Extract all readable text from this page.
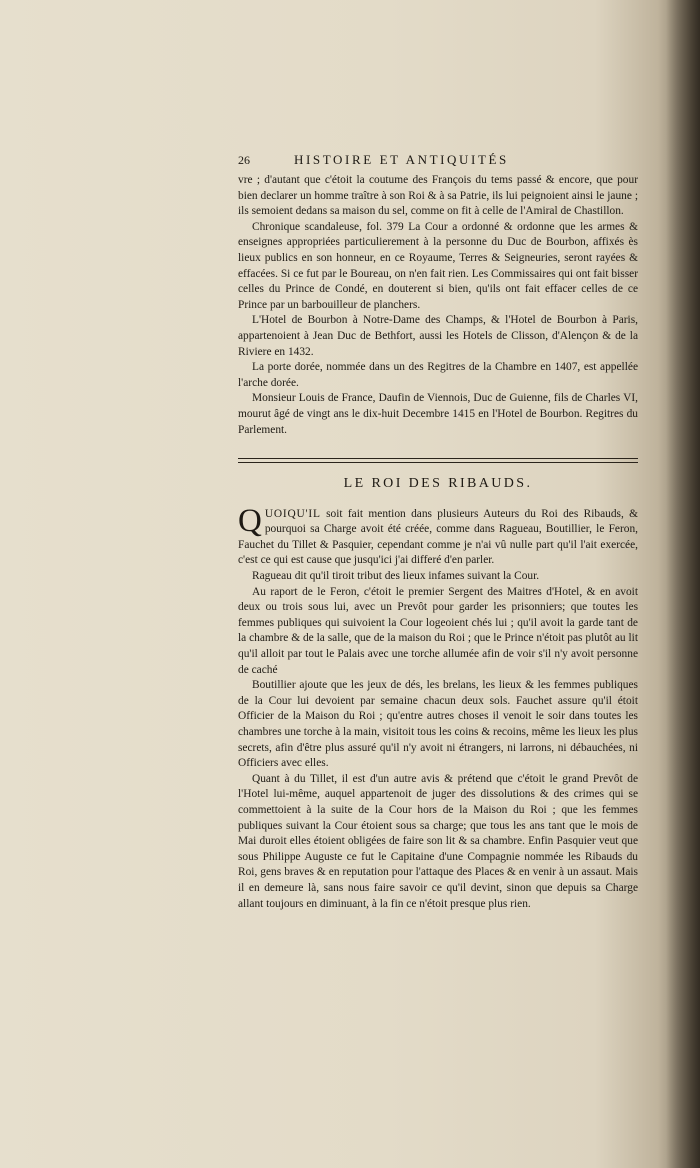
26	HISTOIRE ET ANTIQUITÉS

vre ; d'autant que c'étoit la coutume des François du tems passé & encore, que pour bien declarer un homme traître à son Roi & à sa Patrie, ils lui peignoient ainsi le jaune ; ils semoient dedans sa maison du sel, comme on fit à celle de l'Amiral de Chastillon.

Chronique scandaleuse, fol. 379 La Cour a ordonné & ordonne que les armes & enseignes appropriées particulierement à la personne du Duc de Bourbon, affixés ès lieux publics en son honneur, en ce Royaume, Terres & Seigneuries, seront rayées & effacées. Si ce fut par le Boureau, on n'en fait rien. Les Commissaires qui ont fait bisser celles du Prince de Condé, en douterent si bien, qu'ils ont fait effacer celles de ce Prince par un barbouilleur de planchers.

L'Hotel de Bourbon à Notre-Dame des Champs, & l'Hotel de Bourbon à Paris, appartenoient à Jean Duc de Bethfort, aussi les Hotels de Clisson, d'Alençon & de la Riviere en 1432.

La porte dorée, nommée dans un des Regitres de la Chambre en 1407, est appellée l'arche dorée.

Monsieur Louis de France, Daufin de Viennois, Duc de Guienne, fils de Charles VI, mourut âgé de vingt ans le dix-huit Decembre 1415 en l'Hotel de Bourbon. Regitres du Parlement.

LE ROI DES RIBAUDS.

QUOIQU'IL soit fait mention dans plusieurs Auteurs du Roi des Ribauds, & pourquoi sa Charge avoit été créée, comme dans Ragueau, Boutillier, le Feron, Fauchet du Tillet & Pasquier, cependant comme je n'ai vû nulle part qu'il l'ait exercée, c'est ce qui est cause que jusqu'ici j'ai differé d'en parler.

Ragueau dit qu'il tiroit tribut des lieux infames suivant la Cour.

Au raport de le Feron, c'étoit le premier Sergent des Maitres d'Hotel, & en avoit deux ou trois sous lui, avec un Prevôt pour garder les prisonniers; que toutes les femmes publiques qui suivoient la Cour logeoient chés lui ; qu'il avoit la garde tant de la chambre & de la salle, que de la maison du Roi ; que le Prince n'étoit pas plutôt au lit qu'il alloit par tout le Palais avec une torche allumée afin de voir s'il n'y avoit personne de caché

Boutillier ajoute que les jeux de dés, les brelans, les lieux & les femmes publiques de la Cour lui devoient par semaine chacun deux sols. Fauchet assure qu'il étoit Officier de la Maison du Roi ; qu'entre autres choses il venoit le soir dans toutes les chambres une torche à la main, visitoit tous les coins & recoins, même les lieux les plus secrets, afin d'être plus assuré qu'il n'y avoit ni étrangers, ni larrons, ni débauchées, ni Officiers avec elles.

Quant à du Tillet, il est d'un autre avis & prétend que c'étoit le grand Prevôt de l'Hotel lui-même, auquel appartenoit de juger des dissolutions & des crimes qui se commettoient à la suite de la Cour hors de la Maison du Roi ; que les femmes publiques suivant la Cour étoient sous sa charge; que tous les ans tant que le mois de Mai duroit elles étoient obligées de faire son lit & sa chambre. Enfin Pasquier veut que sous Philippe Auguste ce fut le Capitaine d'une Compagnie nommée les Ribauds du Roi, gens braves & en reputation pour l'attaque des Places & en venir à un assaut. Mais il en demeure là, sans nous faire savoir ce qu'il devint, sinon que depuis sa Charge allant toujours en diminuant, à la fin ce n'étoit presque plus rien.
